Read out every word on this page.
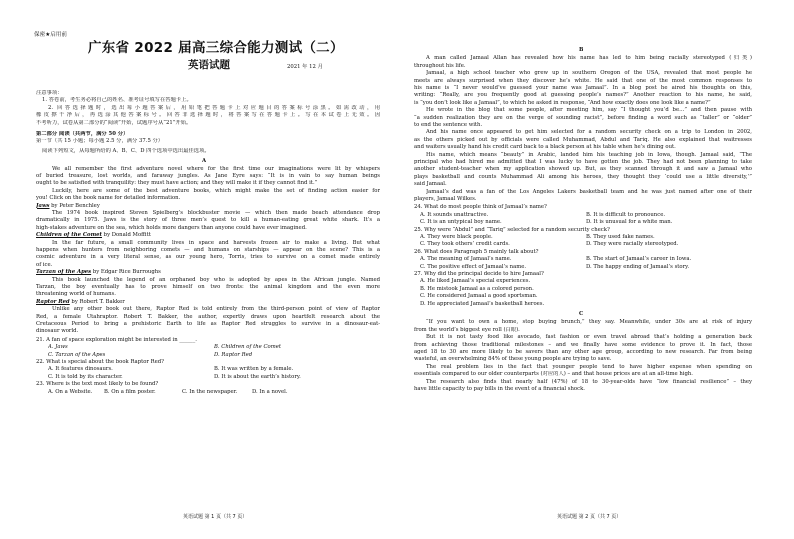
保密★启用前
广东省 2022 届高三综合能力测试（二）
英语试题	2021 年 12 月
注意事项：
1. 答卷前，考生务必将自己的姓名、准考证号填写在答题卡上。
2. 回答选择题时，选出每小题答案后，用铅笔把答题卡上对应题目的答案标号涂黑。如需改动，用
橡皮擦干净后，再选涂其他答案标号。回答非选择题时，将答案写在答题卡上。写在本试卷上无效。因
不考听力，试卷从第二部分的“阅读”开始，试题序号从“21”开始。
第二部分 阅读（共两节，满分 50 分）
第一节（共 15 小题；每小题 2.5 分，满分 37.5 分）
阅读下列短文，从每题所给的 A、B、C、D 四个选项中选出最佳选项。
A
We all remember the first adventure novel where for the first time our imaginations were lit by whispers
of buried treasure, lost worlds, and faraway jungles. As Jane Eyre says: “It is in vain to say human beings
ought to be satisfied with tranquility: they must have action; and they will make it if they cannot find it.”
Luckily, here are some of the best adventure books, which might make the set of finding action easier for
you! Click on the book name for detailed information.
Jaws by Peter Benchley
The 1974 book inspired Steven Spielberg’s blockbuster movie — which then made beach attendance drop
dramatically in 1975. Jaws is the story of three men’s quest to kill a human-eating great white shark. It’s a
high-stakes adventure on the sea, which holds more dangers than anyone could have ever imagined.
Children of the Comet by Donald Moffitt
In the far future, a small community lives in space and harvests frozen air to make a living. But what
happens when hunters from neighboring comets — and humans on starships — appear on the scene? This is a
cosmic adventure in a very literal sense, as our young hero, Torris, tries to survive on a comet made entirely
of ice.
Tarzan of the Apes by Edgar Rice Burroughs
This book launched the legend of an orphaned boy who is adopted by apes in the African jungle. Named
Tarzan, the boy eventually has to prove himself on two fronts: the animal kingdom and the even more
threatening world of humans.
Raptor Red by Robert T. Bakker
Unlike any other book out there, Raptor Red is told entirely from the third-person point of view of Raptor
Red, a female Utahraptor. Robert T. Bakker, the author, expertly draws upon heartfelt research about the
Cretaceous Period to bring a prehistoric Earth to life as Raptor Red struggles to survive in a dinosaur-eat-
dinosaur world.
21. A fan of space exploration might be interested in ______.
A. Jaws	B. Children of the Comet
C. Tarzan of the Apes	D. Raptor Red
22. What is special about the book Raptor Red?
A. It features dinosaurs.	B. It was written by a female.
C. It is told by its character.	D. It is about the earth’s history.
23. Where is the text most likely to be found?
A. On a Website. B. On a film poster.	C. In the newspaper.	D. In a novel.
B
A man called Jamaal Allan has revealed how his name has led to him being racially stereotyped (归类)
throughout his life.
Jamaal, a high school teacher who grew up in southern Oregon of the USA, revealed that most people he
meets are always surprised when they discover he’s white. He said that one of the most common responses to
his name is “I never would’ve guessed your name was Jamaal”. In a blog post he aired his thoughts on this,
writing: “Really, are you frequently good at guessing people’s names?” Another reaction to his name, he said,
is “you don’t look like a Jamaal”, to which he asked in response, “And how exactly does one look like a name?”
He wrote in the blog that some people, after meeting him, say “I thought you’d be…” and then pause with
“a sudden realization they are on the verge of sounding racist”, before finding a word such as “taller” or “older”
to end the sentence with.
And his name once appeared to get him selected for a random security check on a trip to London in 2002,
as the others picked out by officials were called Muhammad, Abdul and Tariq. He also explained that waitresses
and waiters usually hand his credit card back to a black person at his table when he’s dining out.
His name, which means “beauty” in Arabic, landed him his teaching job in Iowa, though. Jamaal said, “The
principal who had hired me admitted that I was lucky to have gotten the job. They had not been planning to take
another student-teacher when my application showed up. But, as they scanned through it and saw a Jamaal who
plays basketball and counts Muhammad Ali among his heroes, they thought they ‘could use a little diversity,’”
said Jamaal.
Jamaal’s dad was a fan of the Los Angeles Lakers basketball team and he was just named after one of their
players, Jamaal Wilkes.
24. What do most people think of Jamaal’s name?
A. It sounds unattractive.	B. It is difficult to pronounce.
C. It is an untypical boy name.	D. It is unusual for a white man.
25. Why were “Abdul” and “Tariq” selected for a random security check?
A. They were black people.	B. They used fake names.
C. They took others’ credit cards.	D. They were racially stereotyped.
26. What does Paragraph 5 mainly talk about?
A. The meaning of Jamaal’s name.	B. The start of Jamaal’s career in Iowa.
C. The positive effect of Jamaal’s name.	D. The happy ending of Jamaal’s story.
27. Why did the principal decide to hire Jamaal?
A. He liked Jamaal’s special experiences.
B. He mistook Jamaal as a colored person.
C. He considered Jamaal a good sportsman.
D. He appreciated Jamaal’s basketball heroes.
C
“If you want to own a home, stop buying brunch,” they say. Meanwhile, under 30s are at risk of injury
from the world’s biggest eye roll (白眼).
But it is not tasty food like avocado, fast fashion or even travel abroad that’s holding a generation back
from achieving those traditional milestones – and we finally have some evidence to prove it. In fact, those
aged 18 to 30 are more likely to be savers than any other age group, according to new research. Far from being
wasteful, an overwhelming 84% of these young people are trying to save.
The real problem lies in the fact that younger people tend to have higher expense when spending on
essentials compared to our older counterparts (对应的人) – and that house prices are at an all-time high.
The research also finds that nearly half (47%) of 18 to 30-year-olds have “low financial resilience” – they
have little capacity to pay bills in the event of a financial shock.
英语试题 第 1 页（共 7 页）	英语试题 第 2 页（共 7 页）
